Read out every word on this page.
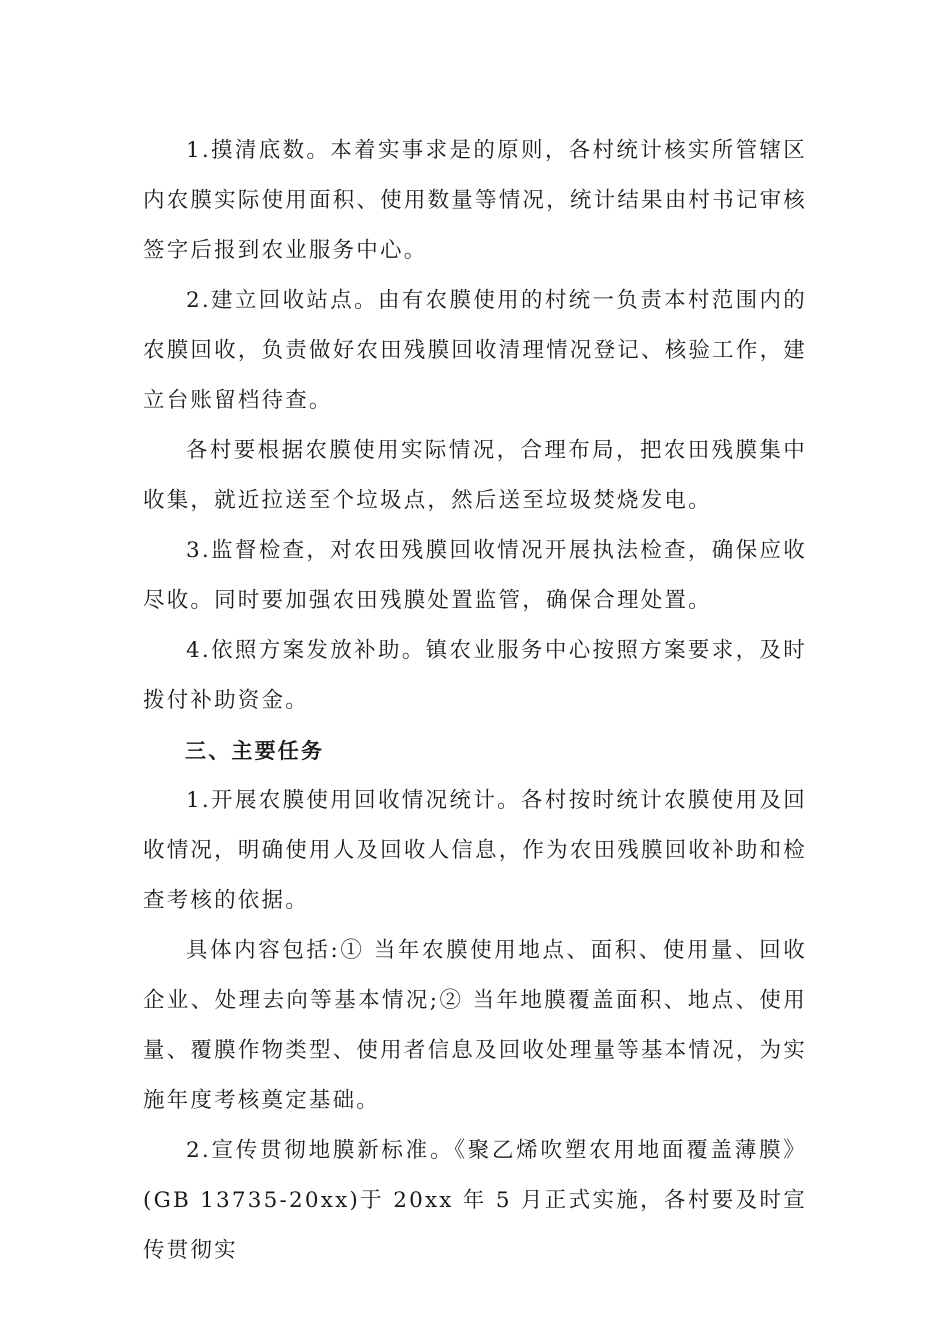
1.摸清底数。本着实事求是的原则，各村统计核实所管辖区内农膜实际使用面积、使用数量等情况，统计结果由村书记审核签字后报到农业服务中心。

2.建立回收站点。由有农膜使用的村统一负责本村范围内的农膜回收，负责做好农田残膜回收清理情况登记、核验工作，建立台账留档待查。

各村要根据农膜使用实际情况，合理布局，把农田残膜集中收集，就近拉送至个垃圾点，然后送至垃圾焚烧发电。

3.监督检查，对农田残膜回收情况开展执法检查，确保应收尽收。同时要加强农田残膜处置监管，确保合理处置。

4.依照方案发放补助。镇农业服务中心按照方案要求，及时拨付补助资金。

三、主要任务

1.开展农膜使用回收情况统计。各村按时统计农膜使用及回收情况，明确使用人及回收人信息，作为农田残膜回收补助和检查考核的依据。

具体内容包括:① 当年农膜使用地点、面积、使用量、回收企业、处理去向等基本情况;② 当年地膜覆盖面积、地点、使用量、覆膜作物类型、使用者信息及回收处理量等基本情况，为实施年度考核奠定基础。

2.宣传贯彻地膜新标准。《聚乙烯吹塑农用地面覆盖薄膜》(GB 13735-20xx)于 20xx 年 5 月正式实施，各村要及时宣传贯彻实
